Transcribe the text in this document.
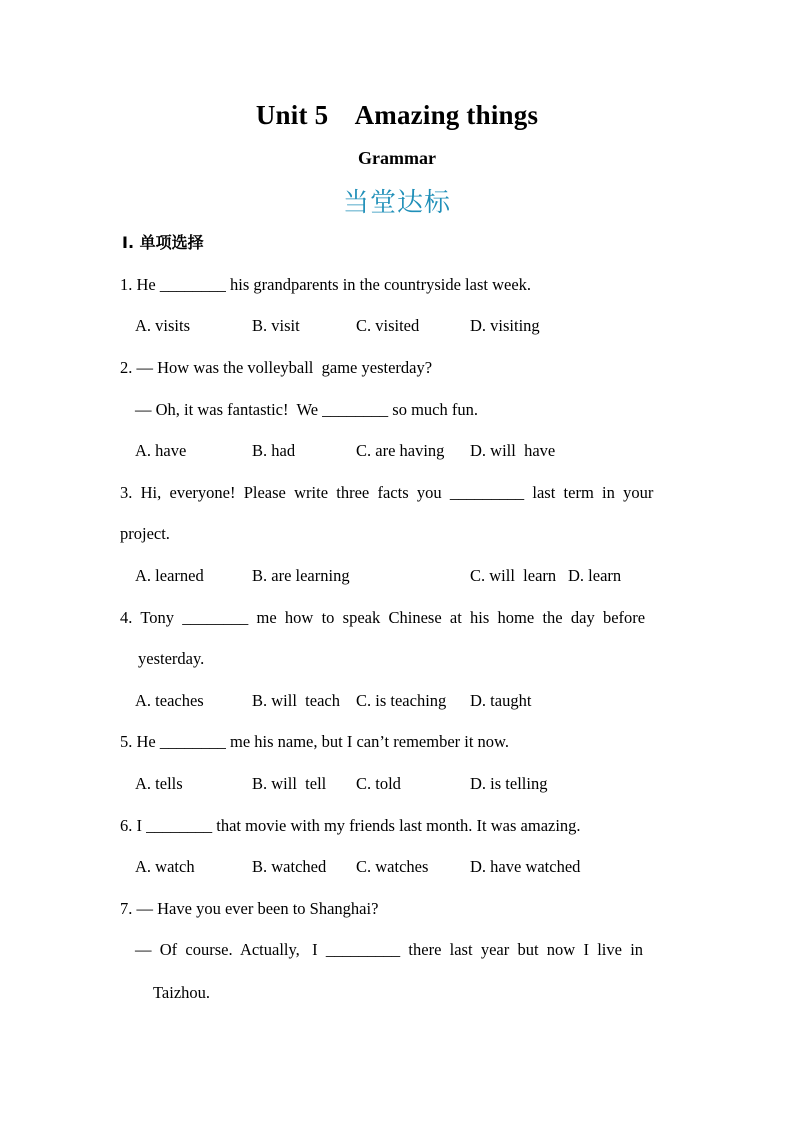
Unit 5    Amazing things
Grammar
当堂达标
Ⅰ. 单项选择
1. He ________ his grandparents in the countryside last week.

A. visits

	B. visit

	C. visited

	D. visiting

2. — How was the volleyball  game yesterday?
— Oh, it was fantastic!  We ________ so much fun.

A. have

	B. had

	C. are having

D. will  have

3.  Hi,  everyone!  Please  write  three  facts  you  _________  last  term  in  your
project.

A. learned

	B. are learning

	C. will  learn

D. learn

4.  Tony  ________  me  how  to  speak  Chinese  at  his  home  the  day  before
yesterday.

A. teaches

	B. will  teach

C. is teaching

D. taught

5. He ________ me his name, but I can’t remember it now.

A. tells

	B. will  tell

C. told

	D. is telling

6. I ________ that movie with my friends last month. It was amazing.

A. watch

	B. watched

C. watches

	D. have watched

7. — Have you ever been to Shanghai?
—  Of  course.  Actually,   I  _________  there  last  year  but  now  I  live  in
Taizhou.
